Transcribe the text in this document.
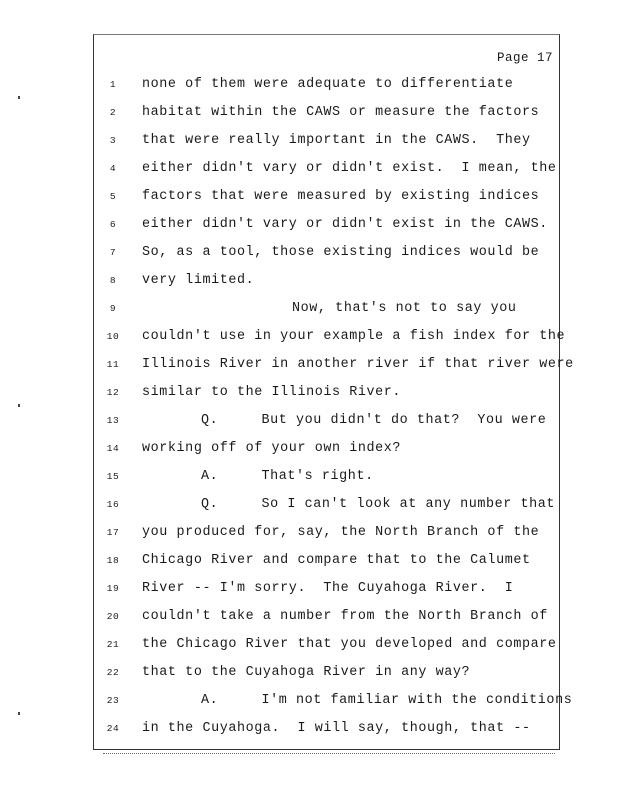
Page 17
1	none of them were adequate to differentiate
2	habitat within the CAWS or measure the factors
3	that were really important in the CAWS.  They
4	either didn't vary or didn't exist.  I mean, the
5	factors that were measured by existing indices
6	either didn't vary or didn't exist in the CAWS.
7	So, as a tool, those existing indices would be
8	very limited.
9	Now, that's not to say you
10	couldn't use in your example a fish index for the
11	Illinois River in another river if that river were
12	similar to the Illinois River.
13	Q.     But you didn't do that?  You were
14	working off of your own index?
15	A.     That's right.
16	Q.     So I can't look at any number that
17	you produced for, say, the North Branch of the
18	Chicago River and compare that to the Calumet
19	River -- I'm sorry.  The Cuyahoga River.  I
20	couldn't take a number from the North Branch of
21	the Chicago River that you developed and compare
22	that to the Cuyahoga River in any way?
23	A.     I'm not familiar with the conditions
24	in the Cuyahoga.  I will say, though, that --
